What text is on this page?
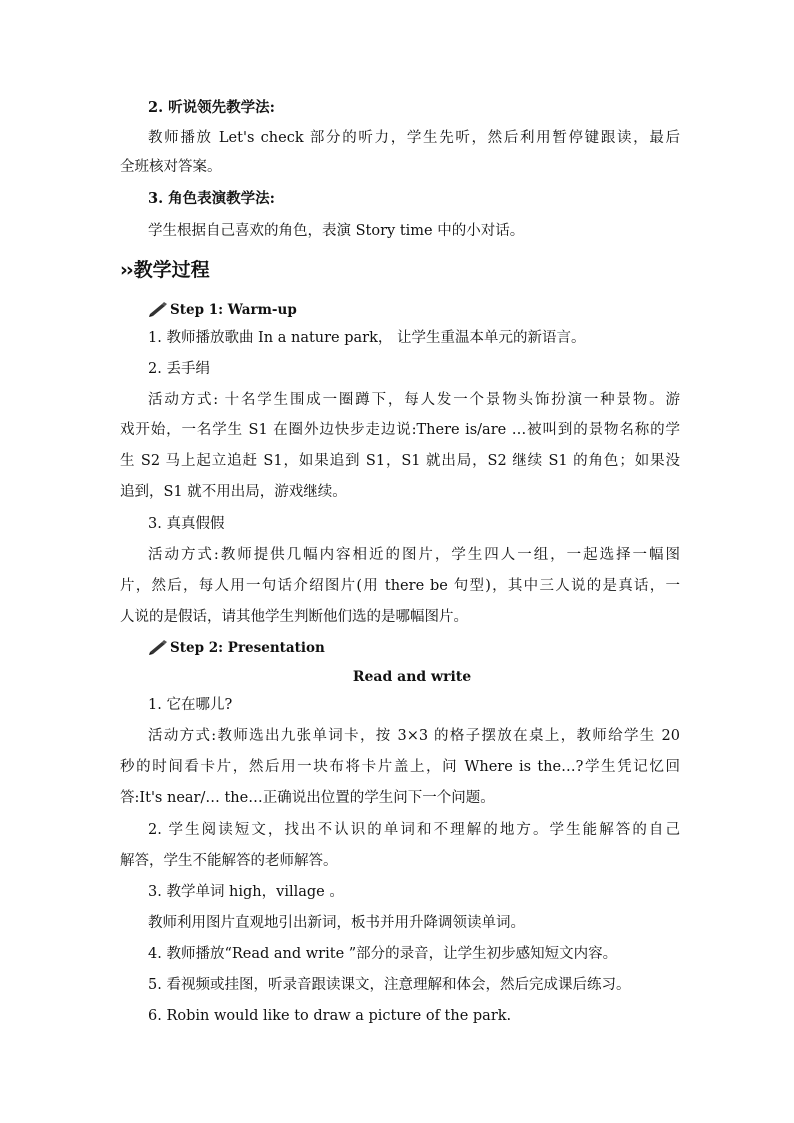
2. 听说领先教学法:
教师播放 Let's check 部分的听力，学生先听，然后利用暂停键跟读，最后
全班核对答案。
3. 角色表演教学法:
学生根据自己喜欢的角色，表演 Story time 中的小对话。
›› 教学过程
Step 1: Warm-up
1. 教师播放歌曲 In a nature park， 让学生重温本单元的新语言。
2. 丢手绢
活动方式: 十名学生围成一圈蹲下，每人发一个景物头饰扮演一种景物。游
戏开始，一名学生 S1 在圈外边快步走边说:There is/are …被叫到的景物名称的学
生 S2 马上起立追赶 S1，如果追到 S1，S1 就出局，S2 继续 S1 的角色；如果没
追到，S1 就不用出局，游戏继续。
3. 真真假假
活动方式:教师提供几幅内容相近的图片，学生四人一组，一起选择一幅图
片，然后，每人用一句话介绍图片(用 there be 句型)，其中三人说的是真话，一
人说的是假话，请其他学生判断他们选的是哪幅图片。
Step 2: Presentation
Read and write
1. 它在哪儿?
活动方式:教师选出九张单词卡，按 3×3 的格子摆放在桌上，教师给学生 20
秒的时间看卡片，然后用一块布将卡片盖上，问 Where is the…?学生凭记忆回
答:It's near/… the…正确说出位置的学生问下一个问题。
2. 学生阅读短文，找出不认识的单词和不理解的地方。学生能解答的自己
解答，学生不能解答的老师解答。
3. 教学单词 high，village 。
教师利用图片直观地引出新词，板书并用升降调领读单词。
4. 教师播放“Read and write ”部分的录音，让学生初步感知短文内容。
5. 看视频或挂图，听录音跟读课文，注意理解和体会，然后完成课后练习。
6. Robin would like to draw a picture of the park.
